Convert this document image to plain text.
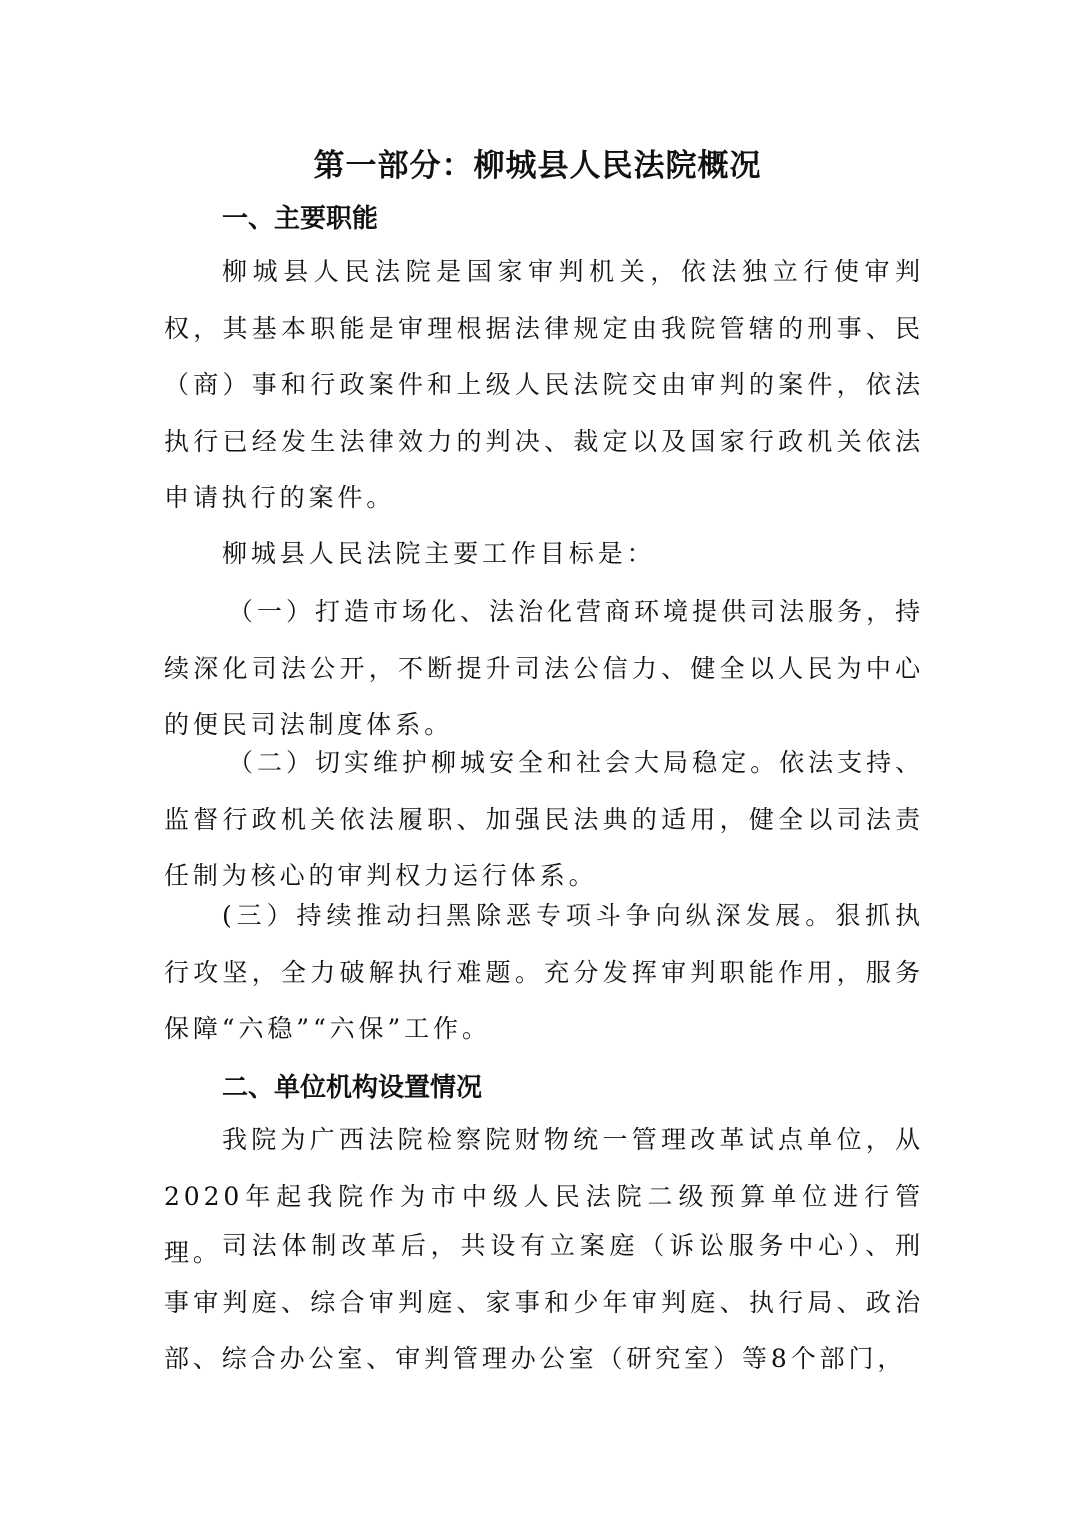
第一部分：柳城县人民法院概况
一、主要职能

柳城县人民法院是国家审判机关，依法独立行使审判权，其基本职能是审理根据法律规定由我院管辖的刑事、民（商）事和行政案件和上级人民法院交由审判的案件，依法执行已经发生法律效力的判决、裁定以及国家行政机关依法申请执行的案件。

柳城县人民法院主要工作目标是：

（一）打造市场化、法治化营商环境提供司法服务，持续深化司法公开，不断提升司法公信力、健全以人民为中心的便民司法制度体系。

（二）切实维护柳城安全和社会大局稳定。依法支持、监督行政机关依法履职、加强民法典的适用，健全以司法责任制为核心的审判权力运行体系。

(三）持续推动扫黑除恶专项斗争向纵深发展。狠抓执行攻坚，全力破解执行难题。充分发挥审判职能作用，服务保障“六稳”“六保”工作。

二、单位机构设置情况

我院为广西法院检察院财物统一管理改革试点单位，从2020年起我院作为市中级人民法院二级预算单位进行管理。 司法体制改革后，共设有立案庭（诉讼服务中心）、刑事审判庭、综合审判庭、家事和少年审判庭、执行局、政治部、综合办公室、审判管理办公室（研究室）等8个部门，
